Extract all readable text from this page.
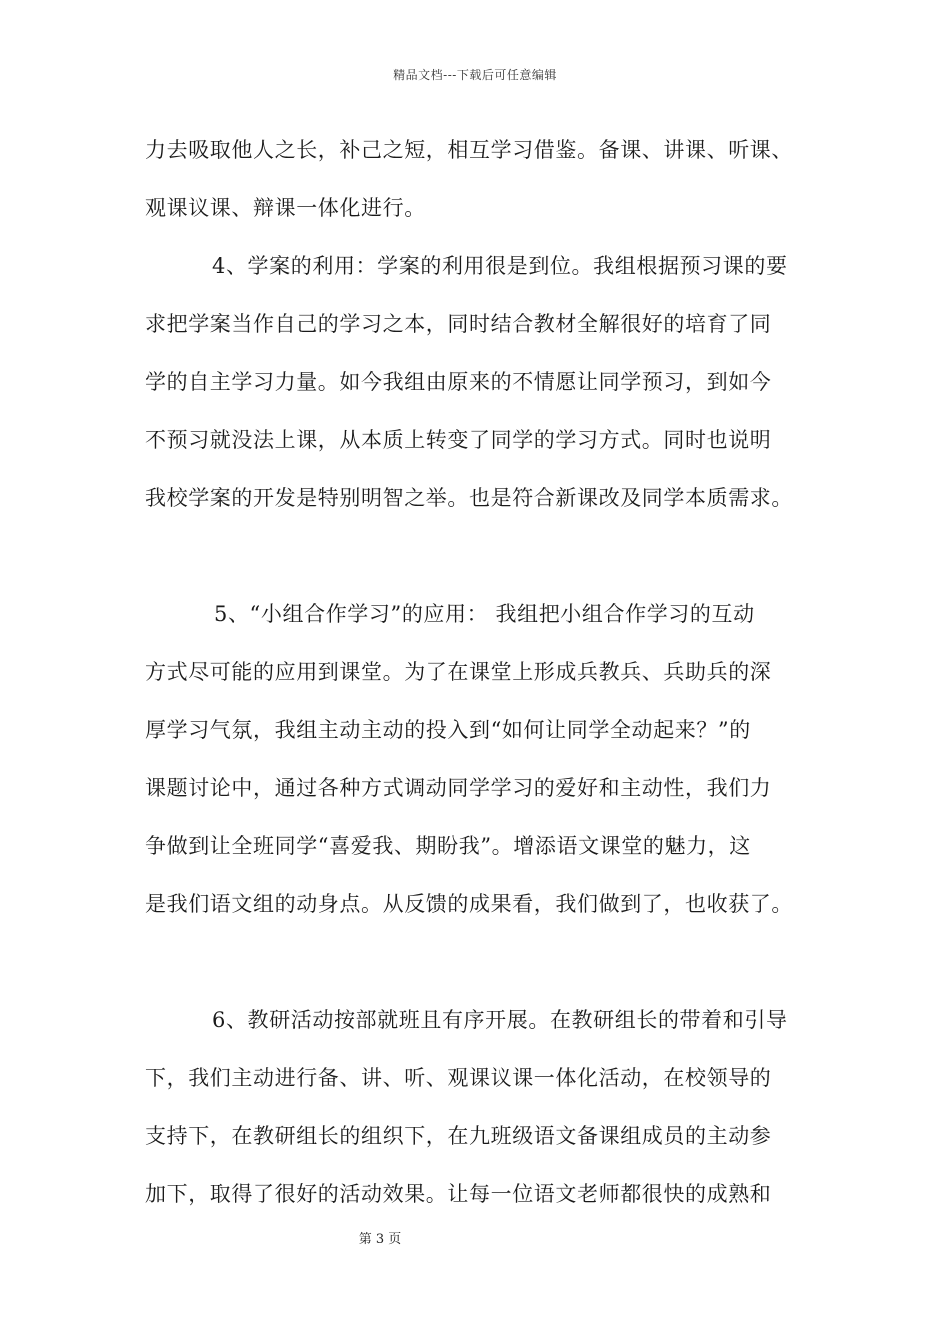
精品文档---下载后可任意编辑
力去吸取他人之长，补己之短，相互学习借鉴。备课、讲课、听课、
观课议课、辩课一体化进行。
4、学案的利用：学案的利用很是到位。我组根据预习课的要
求把学案当作自己的学习之本，同时结合教材全解很好的培育了同
学的自主学习力量。如今我组由原来的不情愿让同学预习，到如今
不预习就没法上课，从本质上转变了同学的学习方式。同时也说明
我校学案的开发是特别明智之举。也是符合新课改及同学本质需求。
5、“小组合作学习”的应用： 我组把小组合作学习的互动
方式尽可能的应用到课堂。为了在课堂上形成兵教兵、兵助兵的深
厚学习气氛，我组主动主动的投入到“如何让同学全动起来？”的
课题讨论中，通过各种方式调动同学学习的爱好和主动性，我们力
争做到让全班同学“喜爱我、期盼我”。增添语文课堂的魅力，这
是我们语文组的动身点。从反馈的成果看，我们做到了，也收获了。
6、教研活动按部就班且有序开展。在教研组长的带着和引导
下，我们主动进行备、讲、听、观课议课一体化活动，在校领导的
支持下，在教研组长的组织下，在九班级语文备课组成员的主动参
加下，取得了很好的活动效果。让每一位语文老师都很快的成熟和
第 3 页
